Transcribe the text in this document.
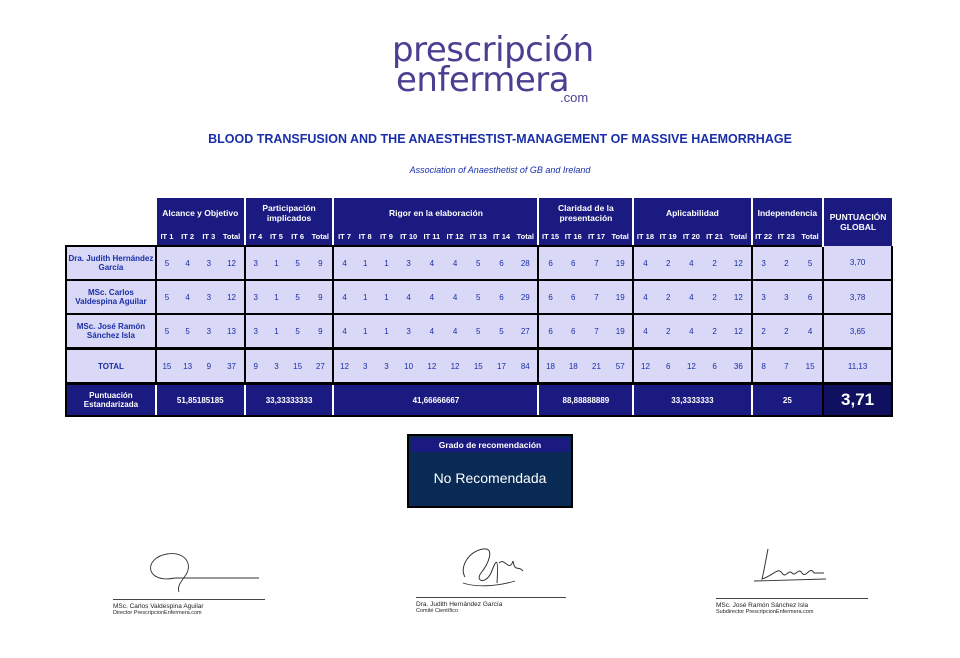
prescripción
enfermera
.com
BLOOD TRANSFUSION AND THE ANAESTHESTIST-MANAGEMENT OF MASSIVE HAEMORRHAGE
Association of Anaesthetist of GB and Ireland
	Alcance y Objetivo				Participación implicados				Rigor en la elaboración									Claridad de la presentación				Aplicabilidad					Independencia			PUNTUACIÓN GLOBAL
	IT 1	IT 2	IT 3	Total	IT 4	IT 5	IT 6	Total	IT 7	IT 8	IT 9	IT 10	IT 11	IT 12	IT 13	IT 14	Total	IT 15	IT 16	IT 17	Total	IT 18	IT 19	IT 20	IT 21	Total	IT 22	IT 23	Total	
Dra. Judith Hernández García	5	4	3	12	3	1	5	9	4	1	1	3	4	4	5	6	28	6	6	7	19	4	2	4	2	12	3	2	5	3,70
MSc. Carlos Valdespina Aguilar	5	4	3	12	3	1	5	9	4	1	1	4	4	4	5	6	29	6	6	7	19	4	2	4	2	12	3	3	6	3,78
MSc. José Ramón Sánchez Isla	5	5	3	13	3	1	5	9	4	1	1	3	4	4	5	5	27	6	6	7	19	4	2	4	2	12	2	2	4	3,65
TOTAL	15	13	9	37	9	3	15	27	12	3	3	10	12	12	15	17	84	18	18	21	57	12	6	12	6	36	8	7	15	11,13
Puntuación Estandarizada	51,85185185				33,33333333				41,66666667									88,88888889				33,3333333					25			3,71
Grado de recomendación
No Recomendada
MSc. Carlos Valdespina Aguilar
Director PrescripcionEnfermera.com
Dra. Judith Hernández García
Comité Científico
MSc. José Ramón Sánchez Isla
Subdirector PrescripcionEnfermera.com
